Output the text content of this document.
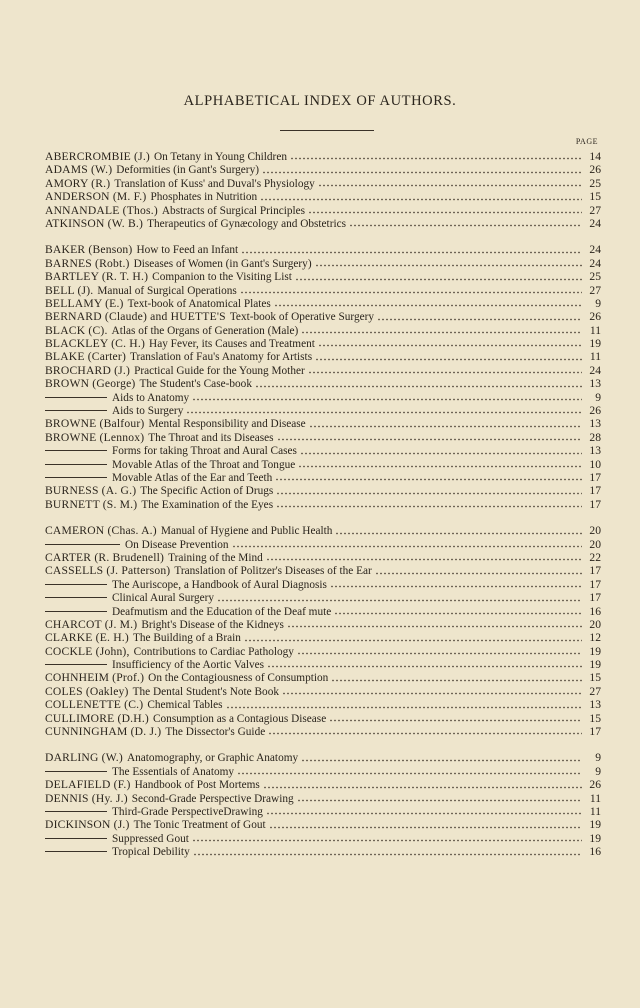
ALPHABETICAL INDEX OF AUTHORS.
PAGE
ABERCROMBIE (J.) On Tetany in Young Children	14
ADAMS (W.) Deformities (in Gant's Surgery)	26
AMORY (R.) Translation of Kuss' and Duval's Physiology	25
ANDERSON (M. F.) Phosphates in Nutrition	15
ANNANDALE (Thos.) Abstracts of Surgical Principles	27
ATKINSON (W. B.) Therapeutics of Gynæcology and Obstetrics	24
BAKER (Benson) How to Feed an Infant	24
BARNES (Robt.) Diseases of Women (in Gant's Surgery)	24
BARTLEY (R. T. H.) Companion to the Visiting List	25
BELL (J). Manual of Surgical Operations	27
BELLAMY (E.) Text-book of Anatomical Plates	9
BERNARD (Claude) and HUETTE'S Text-book of Operative Surgery	26
BLACK (C). Atlas of the Organs of Generation (Male)	11
BLACKLEY (C. H.) Hay Fever, its Causes and Treatment	19
BLAKE (Carter) Translation of Fau's Anatomy for Artists	11
BROCHARD (J.) Practical Guide for the Young Mother	24
BROWN (George) The Student's Case-book	13
Aids to Anatomy	9
Aids to Surgery	26
BROWNE (Balfour) Mental Responsibility and Disease	13
BROWNE (Lennox) The Throat and its Diseases	28
Forms for taking Throat and Aural Cases	13
Movable Atlas of the Throat and Tongue	10
Movable Atlas of the Ear and Teeth	17
BURNESS (A. G.) The Specific Action of Drugs	17
BURNETT (S. M.) The Examination of the Eyes	17
CAMERON (Chas. A.) Manual of Hygiene and Public Health	20
On Disease Prevention	20
CARTER (R. Brudenell) Training of the Mind	22
CASSELLS (J. Patterson) Translation of Politzer's Diseases of the Ear	17
The Auriscope, a Handbook of Aural Diagnosis	17
Clinical Aural Surgery	17
Deafmutism and the Education of the Deaf mute	16
CHARCOT (J. M.) Bright's Disease of the Kidneys	20
CLARKE (E. H.) The Building of a Brain	12
COCKLE (John), Contributions to Cardiac Pathology	19
Insufficiency of the Aortic Valves	19
COHNHEIM (Prof.) On the Contagiousness of Consumption	15
COLES (Oakley) The Dental Student's Note Book	27
COLLENETTE (C.) Chemical Tables	13
CULLIMORE (D.H.) Consumption as a Contagious Disease	15
CUNNINGHAM (D. J.) The Dissector's Guide	17
DARLING (W.) Anatomography, or Graphic Anatomy	9
The Essentials of Anatomy	9
DELAFIELD (F.) Handbook of Post Mortems	26
DENNIS (Hy. J.) Second-Grade Perspective Drawing	11
Third-Grade PerspectiveDrawing	11
DICKINSON (J.) The Tonic Treatment of Gout	19
Suppressed Gout	19
Tropical Debility	16
